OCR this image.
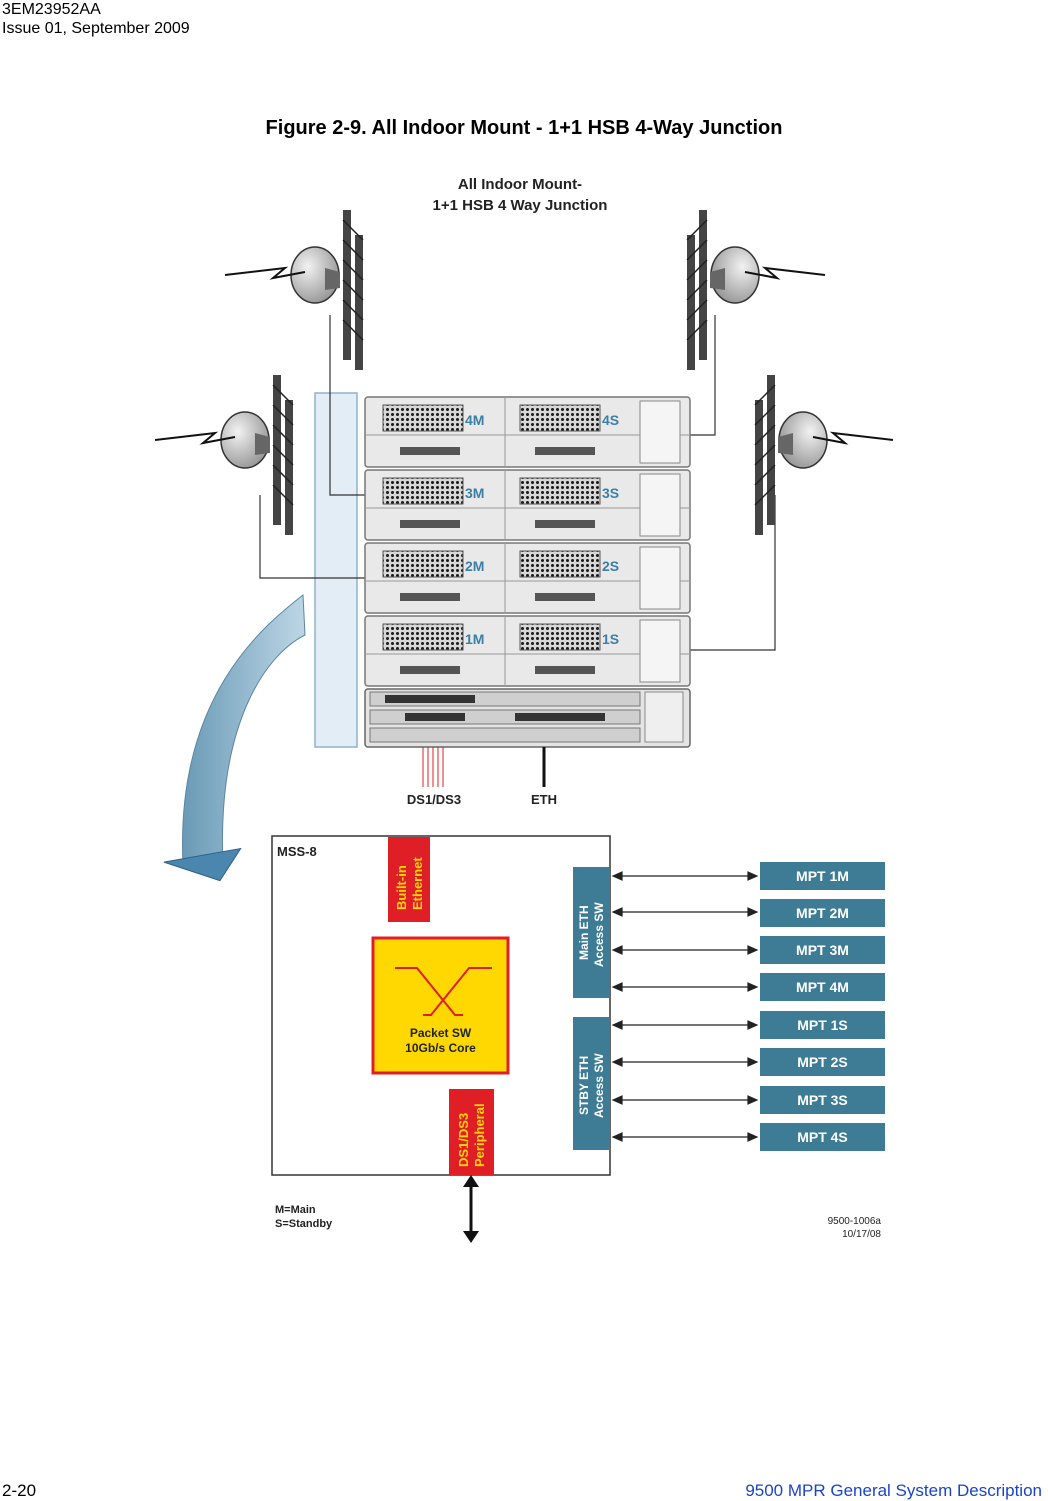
3EM23952AA
Issue 01, September 2009
Figure 2-9. All Indoor Mount - 1+1 HSB 4-Way Junction
All Indoor Mount-
1+1 HSB 4 Way Junction
4M	4S
3M	3S
2M	2S
1M	1S
DS1/DS3	ETH
MSS-8
Built-in Ethernet
Packet SW
10Gb/s Core
DS1/DS3 Peripheral
Main ETH Access SW
STBY ETH Access SW
MPT 1M
MPT 2M
MPT 3M
MPT 4M
MPT 1S
MPT 2S
MPT 3S
MPT 4S
M=Main
S=Standby	9500-1006a
10/17/08
2-20	9500 MPR General System Description
